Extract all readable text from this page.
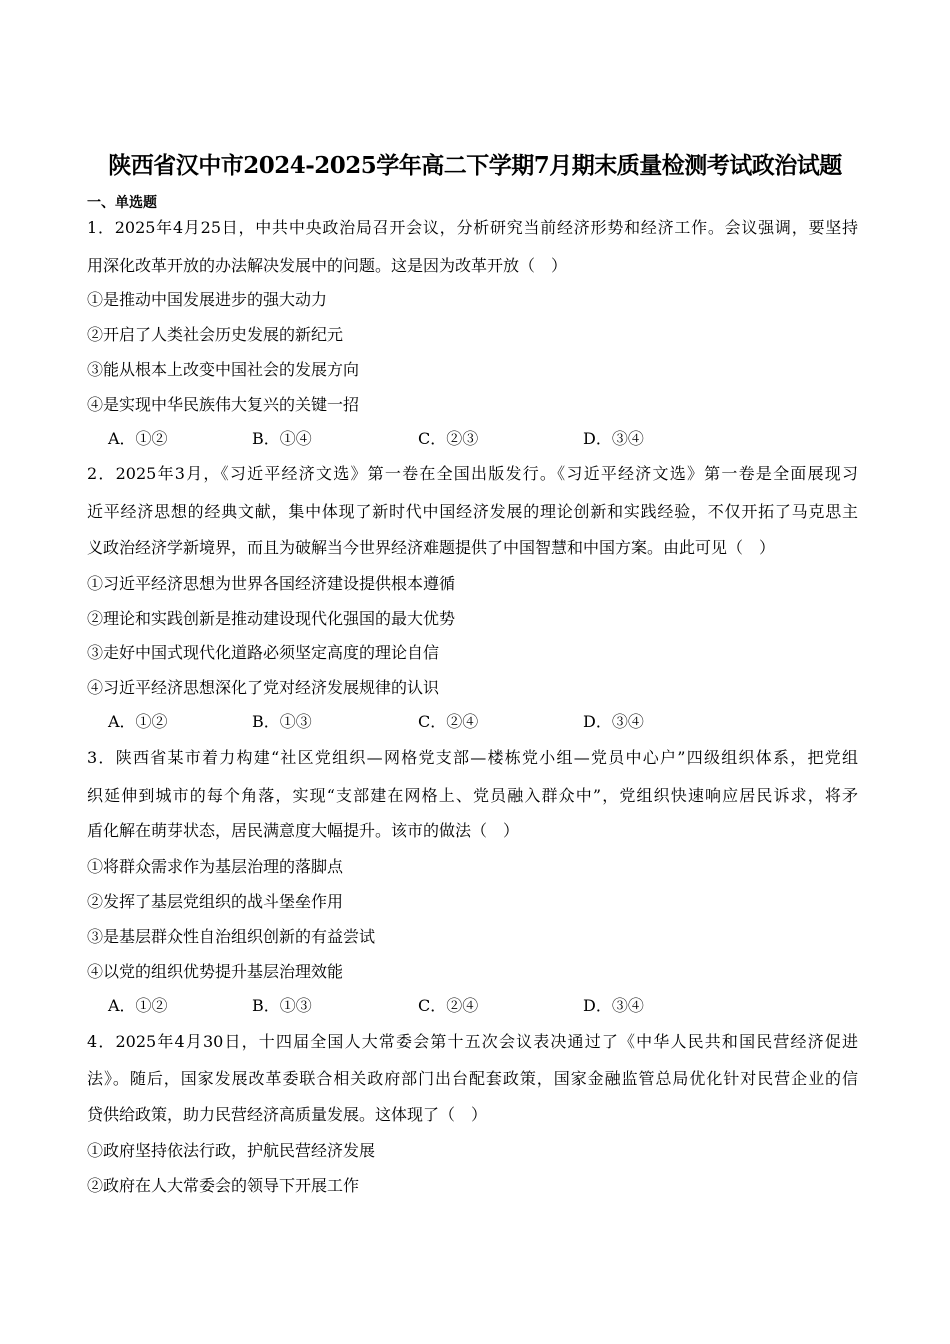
陕西省汉中市2024-2025学年高二下学期7月期末质量检测考试政治试题
一、单选题
1．2025年4月25日，中共中央政治局召开会议，分析研究当前经济形势和经济工作。会议强调，要坚持
用深化改革开放的办法解决发展中的问题。这是因为改革开放（　）
①是推动中国发展进步的强大动力
②开启了人类社会历史发展的新纪元
③能从根本上改变中国社会的发展方向
④是实现中华民族伟大复兴的关键一招
A．①②	B．①④	C．②③	D．③④
2．2025年3月，《习近平经济文选》第一卷在全国出版发行。《习近平经济文选》第一卷是全面展现习
近平经济思想的经典文献，集中体现了新时代中国经济发展的理论创新和实践经验，不仅开拓了马克思主
义政治经济学新境界，而且为破解当今世界经济难题提供了中国智慧和中国方案。由此可见（　）
①习近平经济思想为世界各国经济建设提供根本遵循
②理论和实践创新是推动建设现代化强国的最大优势
③走好中国式现代化道路必须坚定高度的理论自信
④习近平经济思想深化了党对经济发展规律的认识
A．①②	B．①③	C．②④	D．③④
3．陕西省某市着力构建“社区党组织—网格党支部—楼栋党小组—党员中心户”四级组织体系，把党组
织延伸到城市的每个角落，实现“支部建在网格上、党员融入群众中”，党组织快速响应居民诉求，将矛
盾化解在萌芽状态，居民满意度大幅提升。该市的做法（　）
①将群众需求作为基层治理的落脚点
②发挥了基层党组织的战斗堡垒作用
③是基层群众性自治组织创新的有益尝试
④以党的组织优势提升基层治理效能
A．①②	B．①③	C．②④	D．③④
4．2025年4月30日，十四届全国人大常委会第十五次会议表决通过了《中华人民共和国民营经济促进
法》。随后，国家发展改革委联合相关政府部门出台配套政策，国家金融监管总局优化针对民营企业的信
贷供给政策，助力民营经济高质量发展。这体现了（　）
①政府坚持依法行政，护航民营经济发展
②政府在人大常委会的领导下开展工作
